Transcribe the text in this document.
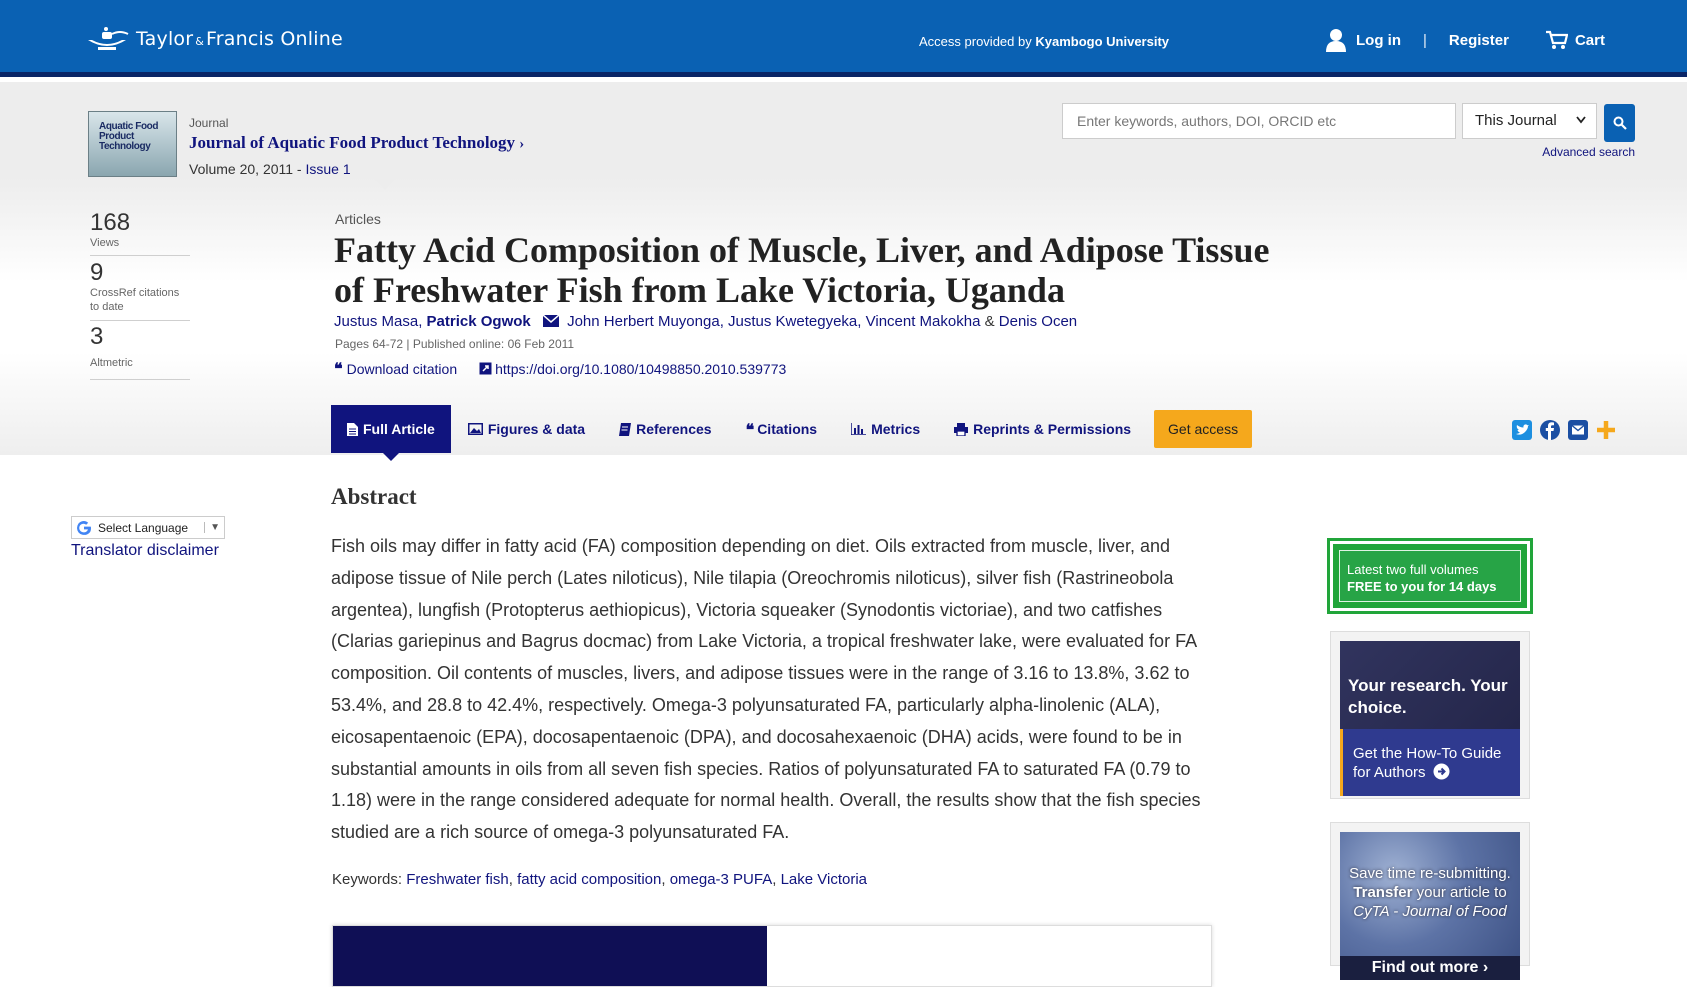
Taylor & Francis Online	Access provided by Kyambogo University	Log in | Register	Cart
Aquatic Food Product Technology
Journal
Journal of Aquatic Food Product Technology ›
Volume 20, 2011 - Issue 1
Enter keywords, authors, DOI, ORCID etc	This Journal
Advanced search
168
Views
9
CrossRef citations to date
3
Altmetric
Articles
Fatty Acid Composition of Muscle, Liver, and Adipose Tissue of Freshwater Fish from Lake Victoria, Uganda
Justus Masa, Patrick Ogwok John Herbert Muyonga, Justus Kwetegyeka, Vincent Makokha & Denis Ocen
Pages 64-72 | Published online: 06 Feb 2011
❝ Download citation	https://doi.org/10.1080/10498850.2010.539773
Full Article	Figures & data	References ❝ Citations	Metrics	Reprints & Permissions	Get access
Select Language	▼
Translator disclaimer
Abstract

Fish oils may differ in fatty acid (FA) composition depending on diet. Oils extracted from muscle, liver, and adipose tissue of Nile perch (Lates niloticus), Nile tilapia (Oreochromis niloticus), silver fish (Rastrineobola argentea), lungfish (Protopterus aethiopicus), Victoria squeaker (Synodontis victoriae), and two catfishes (Clarias gariepinus and Bagrus docmac) from Lake Victoria, a tropical freshwater lake, were evaluated for FA composition. Oil contents of muscles, livers, and adipose tissues were in the range of 3.16 to 13.8%, 3.62 to 53.4%, and 28.8 to 42.4%, respectively. Omega-3 polyunsaturated FA, particularly alpha-linolenic (ALA), eicosapentaenoic (EPA), docosapentaenoic (DPA), and docosahexaenoic (DHA) acids, were found to be in substantial amounts in oils from all seven fish species. Ratios of polyunsaturated FA to saturated FA (0.79 to 1.18) were in the range considered adequate for normal health. Overall, the results show that the fish species studied are a rich source of omega-3 polyunsaturated FA.

Keywords: Freshwater fish, fatty acid composition, omega-3 PUFA, Lake Victoria
Latest two full volumes
FREE to you for 14 days
Your research. Your choice.
Get the How-To Guide for Authors
Save time re-submitting.
Transfer your article to
CyTA - Journal of Food
Find out more ›
